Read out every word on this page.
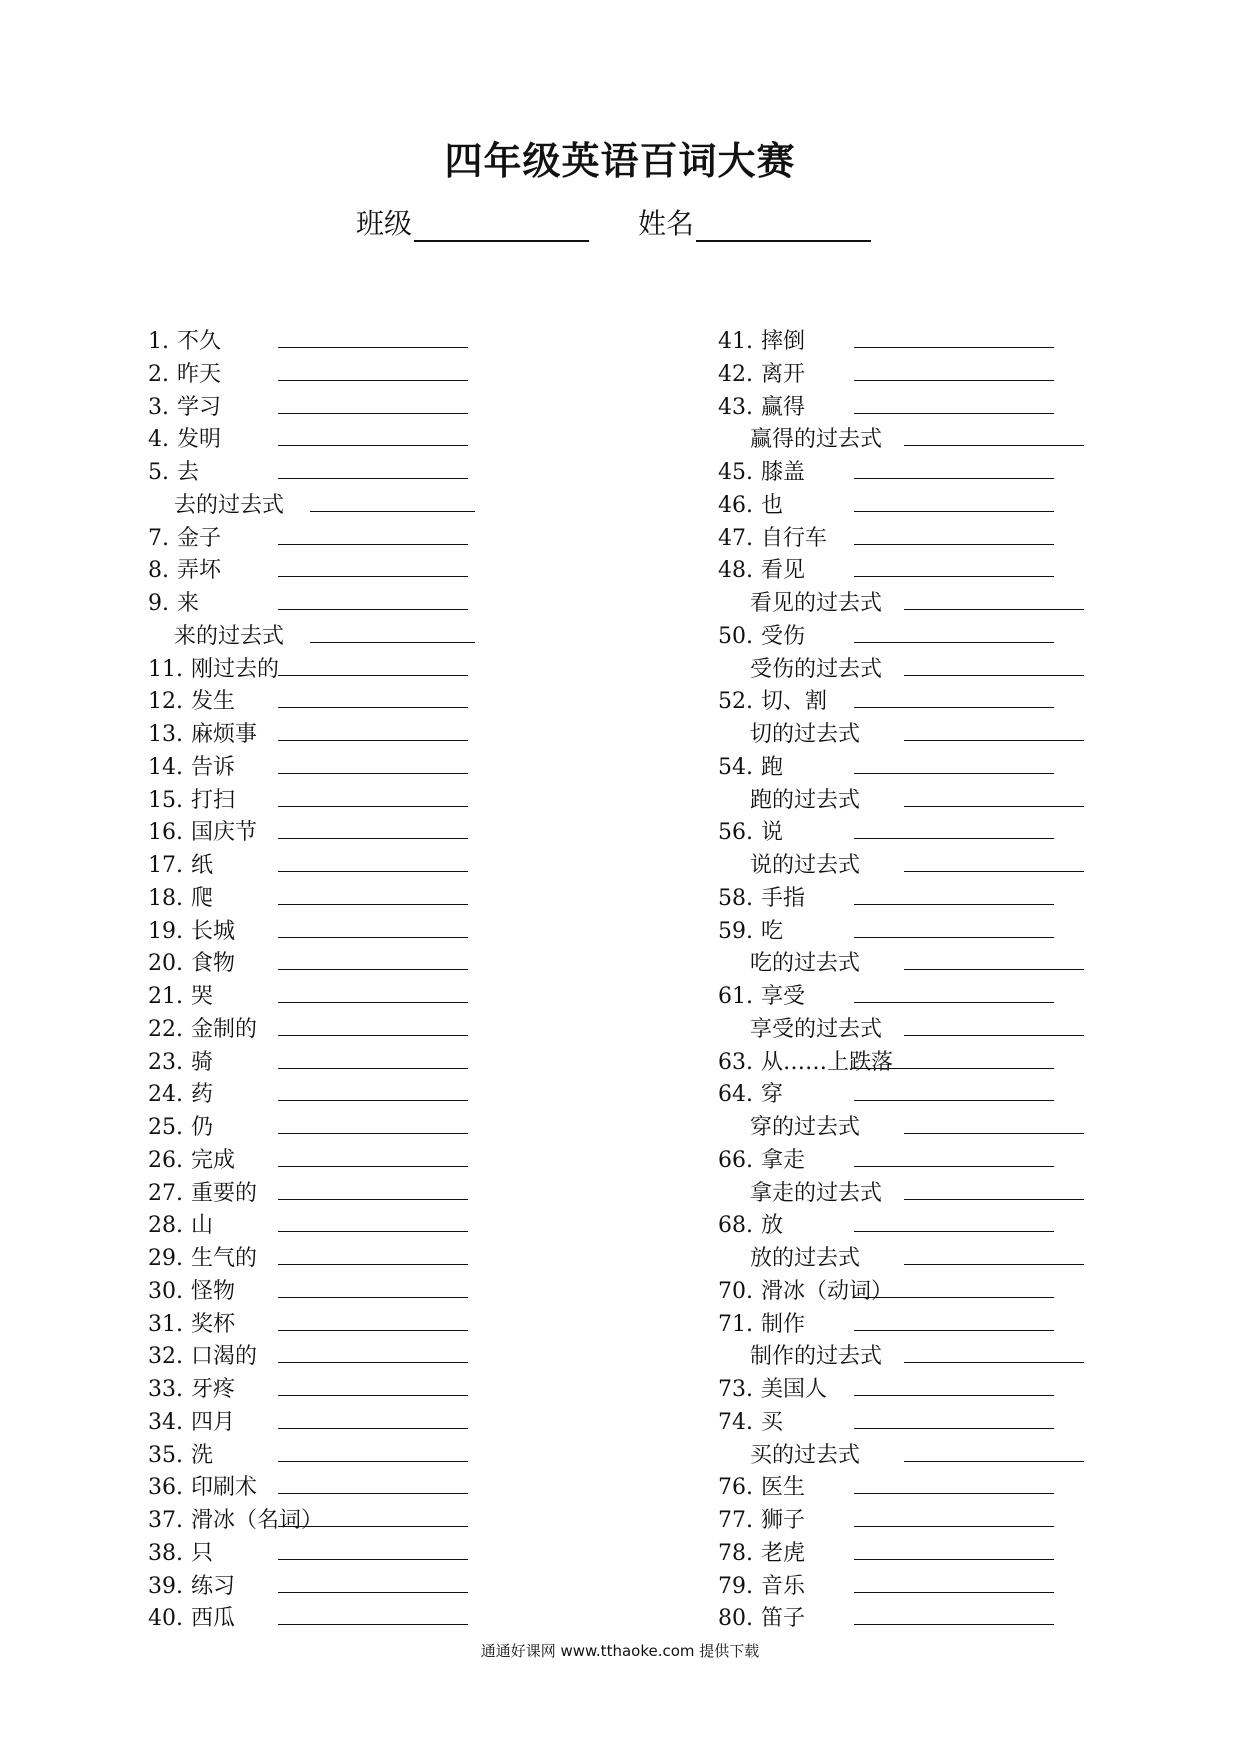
四年级英语百词大赛
班级	姓名
1. 不久
2. 昨天
3. 学习
4. 发明
5. 去
去的过去式
7. 金子
8. 弄坏
9. 来
来的过去式
11. 刚过去的
12. 发生
13. 麻烦事
14. 告诉
15. 打扫
16. 国庆节
17. 纸
18. 爬
19. 长城
20. 食物
21. 哭
22. 金制的
23. 骑
24. 药
25. 仍
26. 完成
27. 重要的
28. 山
29. 生气的
30. 怪物
31. 奖杯
32. 口渴的
33. 牙疼
34. 四月
35. 洗
36. 印刷术
37. 滑冰（名词）
38. 只
39. 练习
40. 西瓜
41. 摔倒
42. 离开
43. 赢得
赢得的过去式
45. 膝盖
46. 也
47. 自行车
48. 看见
看见的过去式
50. 受伤
受伤的过去式
52. 切、割
切的过去式
54. 跑
跑的过去式
56. 说
说的过去式
58. 手指
59. 吃
吃的过去式
61. 享受
享受的过去式
63. 从……上跌落
64. 穿
穿的过去式
66. 拿走
拿走的过去式
68. 放
放的过去式
70. 滑冰（动词）
71. 制作
制作的过去式
73. 美国人
74. 买
买的过去式
76. 医生
77. 狮子
78. 老虎
79. 音乐
80. 笛子
通通好课网 www.tthaoke.com 提供下载
